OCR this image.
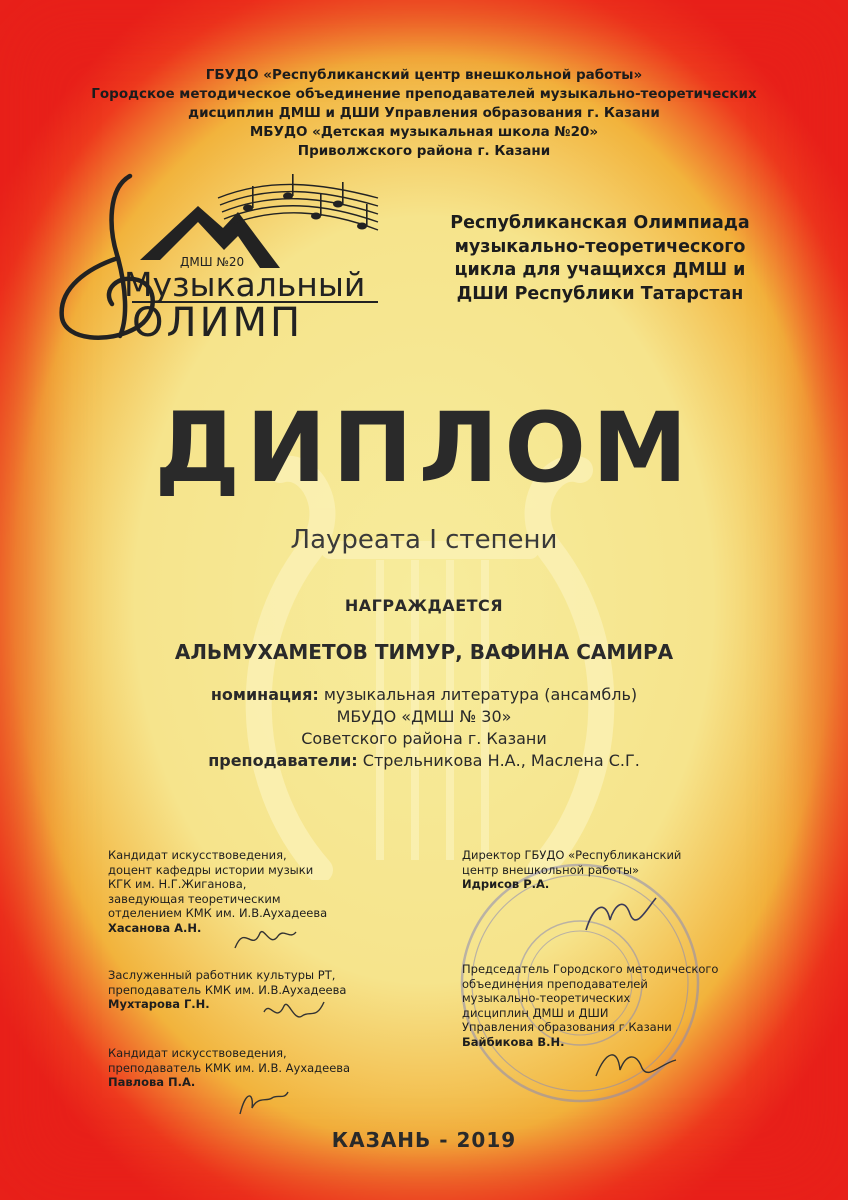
ГБУДО «Республиканский центр внешкольной работы»
Городское методическое объединение преподавателей музыкально-теоретических
дисциплин ДМШ и ДШИ Управления образования г. Казани
МБУДО «Детская музыкальная школа №20»
Приволжского района г. Казани
ДМШ №20
Музыкальный
ОЛИМП
Республиканская Олимпиада
музыкально-теоретического
цикла для учащихся ДМШ и
ДШИ Республики Татарстан
ДИПЛОМ
Лауреата I степени
НАГРАЖДАЕТСЯ
АЛЬМУХАМЕТОВ ТИМУР, ВАФИНА САМИРА
номинация: музыкальная литература (ансамбль)
МБУДО «ДМШ № 30»
Советского района г. Казани
преподаватели: Стрельникова Н.А., Маслена С.Г.
Кандидат искусствоведения,
доцент кафедры истории музыки
КГК им. Н.Г.Жиганова,
заведующая теоретическим
отделением КМК им. И.В.Аухадеева
Хасанова А.Н.
Заслуженный работник культуры РТ,
преподаватель КМК им. И.В.Аухадеева
Мухтарова Г.Н.
Кандидат искусствоведения,
преподаватель КМК им. И.В. Аухадеева
Павлова П.А.
Директор ГБУДО «Республиканский
центр внешкольной работы»
Идрисов Р.А.
Председатель Городского методического
объединения преподавателей
музыкально-теоретических
дисциплин ДМШ и ДШИ
Управления образования г.Казани
Байбикова В.Н.
КАЗАНЬ - 2019
